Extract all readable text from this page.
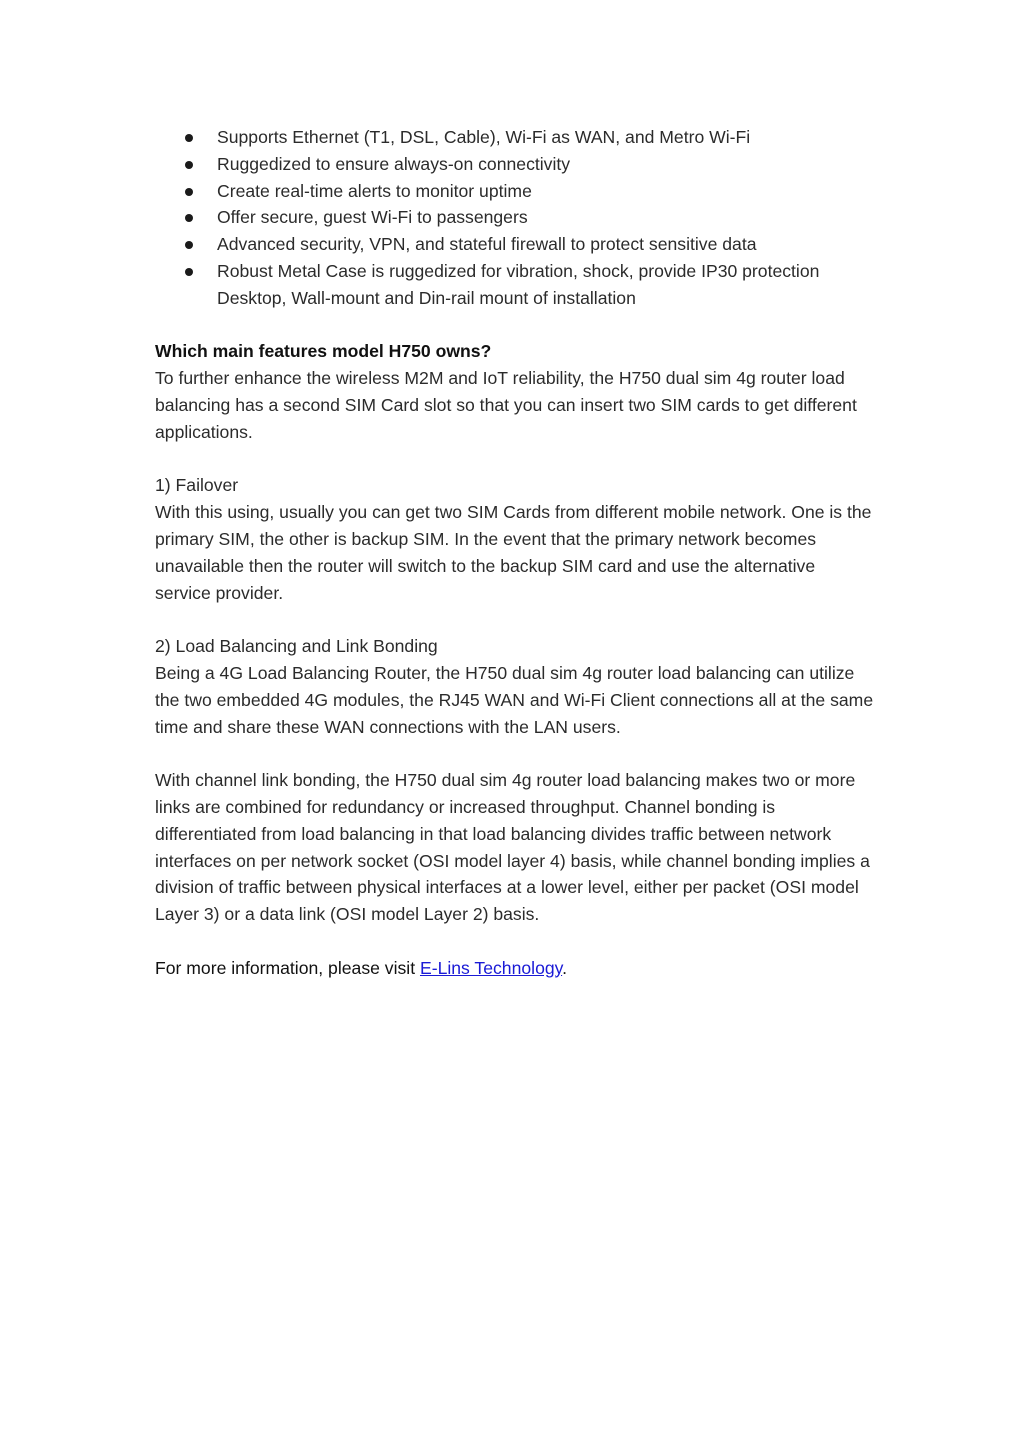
Supports Ethernet (T1, DSL, Cable), Wi-Fi as WAN, and Metro Wi-Fi
Ruggedized to ensure always-on connectivity
Create real-time alerts to monitor uptime
Offer secure, guest Wi-Fi to passengers
Advanced security, VPN, and stateful firewall to protect sensitive data
Robust Metal Case is ruggedized for vibration, shock, provide IP30 protection Desktop, Wall-mount and Din-rail mount of installation

Which main features model H750 owns?

To further enhance the wireless M2M and IoT reliability, the H750 dual sim 4g router load balancing has a second SIM Card slot so that you can insert two SIM cards to get different applications.

1) Failover

With this using, usually you can get two SIM Cards from different mobile network. One is the primary SIM, the other is backup SIM. In the event that the primary network becomes unavailable then the router will switch to the backup SIM card and use the alternative service provider.

2) Load Balancing and Link Bonding

Being a 4G Load Balancing Router, the H750 dual sim 4g router load balancing can utilize the two embedded 4G modules, the RJ45 WAN and Wi-Fi Client connections all at the same time and share these WAN connections with the LAN users.

With channel link bonding, the H750 dual sim 4g router load balancing makes two or more links are combined for redundancy or increased throughput. Channel bonding is differentiated from load balancing in that load balancing divides traffic between network interfaces on per network socket (OSI model layer 4) basis, while channel bonding implies a division of traffic between physical interfaces at a lower level, either per packet (OSI model Layer 3) or a data link (OSI model Layer 2) basis.

For more information, please visit E-Lins Technology.
